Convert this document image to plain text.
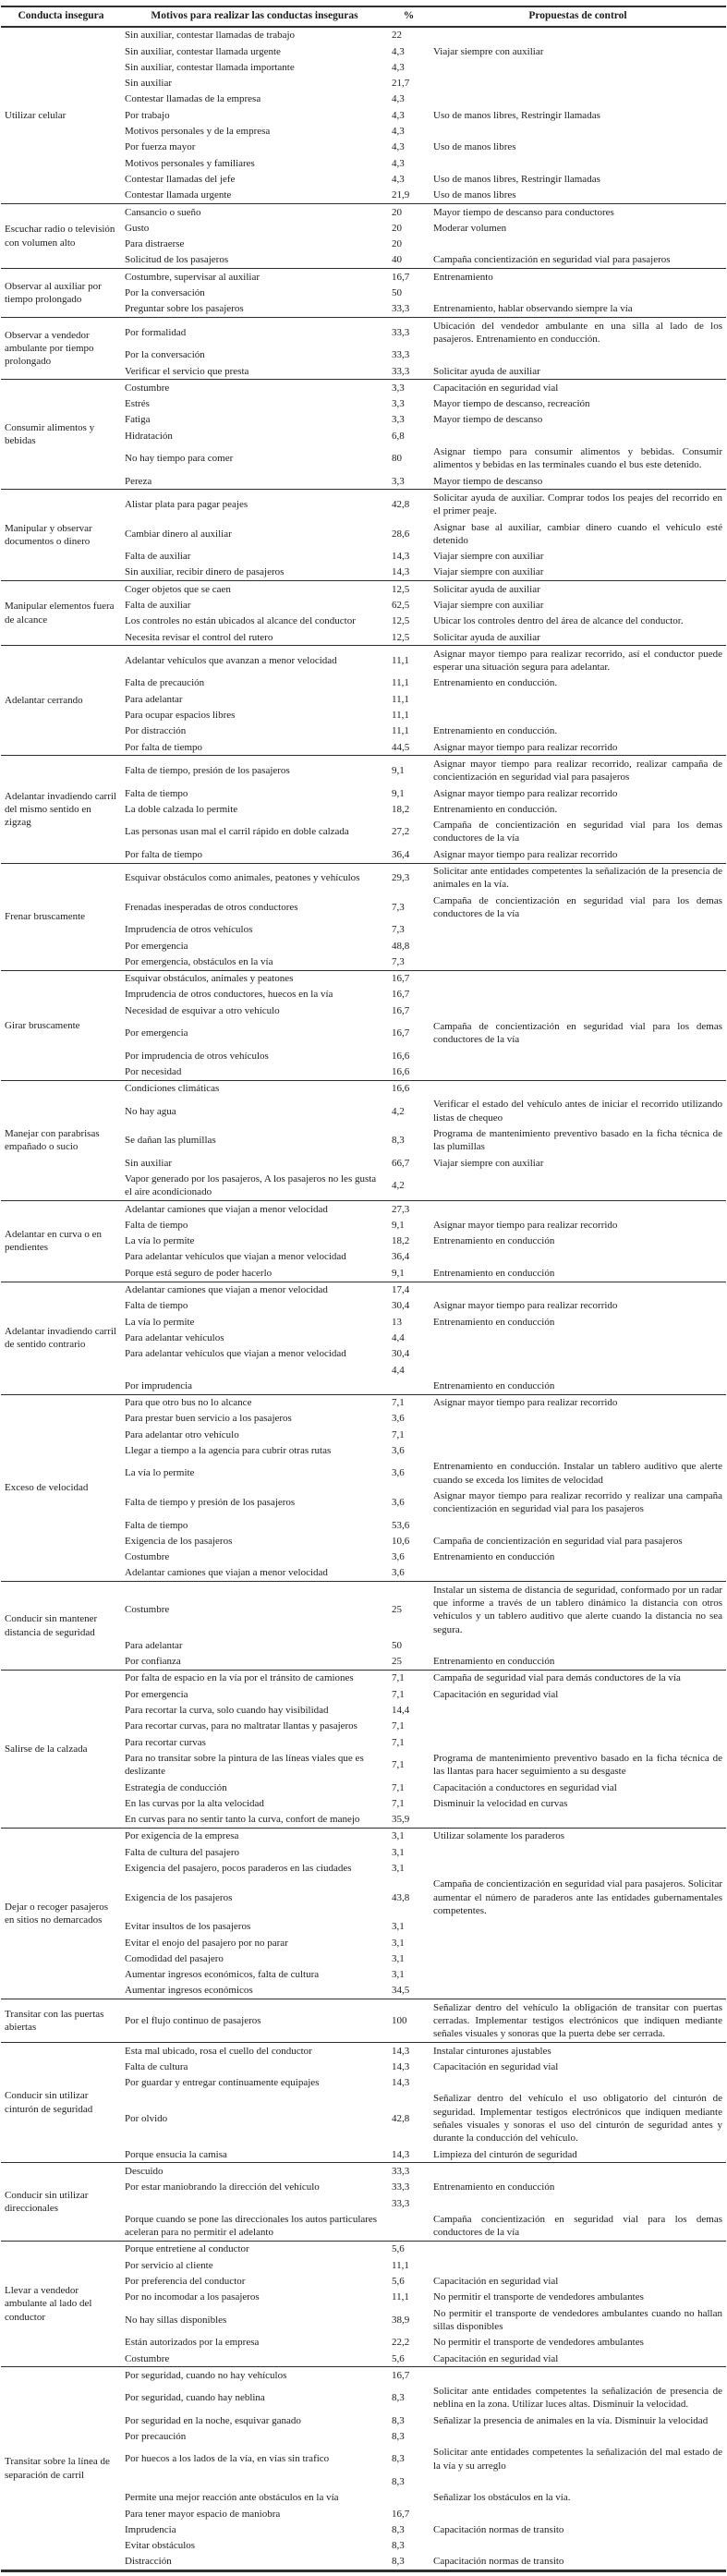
Conducta insegura	Motivos para realizar las conductas inseguras	%	Propuestas de control
Utilizar celular	Sin auxiliar, contestar llamadas de trabajo	22	
	Sin auxiliar, contestar llamada urgente	4,3	Viajar siempre con auxiliar
	Sin auxiliar, contestar llamada importante	4,3	
	Sin auxiliar	21,7	
	Contestar llamadas de la empresa	4,3	
	Por trabajo	4,3	Uso de manos libres, Restringir llamadas
	Motivos personales y de la empresa	4,3	
	Por fuerza mayor	4,3	Uso de manos libres
	Motivos personales y familiares	4,3	
	Contestar llamadas del jefe	4,3	Uso de manos libres, Restringir llamadas
	Contestar llamada urgente	21,9	Uso de manos libres
Escuchar radio o televisión con volumen alto	Cansancio o sueño	20	Mayor tiempo de descanso para conductores
	Gusto	20	Moderar volumen
	Para distraerse	20	
	Solicitud de los pasajeros	40	Campaña concientización en seguridad vial para pasajeros
Observar al auxiliar por tiempo prolongado	Costumbre, supervisar al auxiliar	16,7	Entrenamiento
	Por la conversación	50	
	Preguntar sobre los pasajeros	33,3	Entrenamiento, hablar observando siempre la vía
Observar a vendedor ambulante por tiempo prolongado	Por formalidad	33,3	Ubicación del vendedor ambulante en una silla al lado de los pasajeros. Entrenamiento en conducción.
	Por la conversación	33,3	
	Verificar el servicio que presta	33,3	Solicitar ayuda de auxiliar
Consumir alimentos y bebidas	Costumbre	3,3	Capacitación en seguridad vial
	Estrés	3,3	Mayor tiempo de descanso, recreación
	Fatiga	3,3	Mayor tiempo de descanso
	Hidratación	6,8	
	No hay tiempo para comer	80	Asignar tiempo para consumir alimentos y bebidas. Consumir alimentos y bebidas en las terminales cuando el bus este detenido.
	Pereza	3,3	Mayor tiempo de descanso
Manipular y observar documentos o dinero	Alistar plata para pagar peajes	42,8	Solicitar ayuda de auxiliar. Comprar todos los peajes del recorrido en el primer peaje.
	Cambiar dinero al auxiliar	28,6	Asignar base al auxiliar, cambiar dinero cuando el vehículo esté detenido
	Falta de auxiliar	14,3	Viajar siempre con auxiliar
	Sin auxiliar, recibir dinero de pasajeros	14,3	Viajar siempre con auxiliar
Manipular elementos fuera de alcance	Coger objetos que se caen	12,5	Solicitar ayuda de auxiliar
	Falta de auxiliar	62,5	Viajar siempre con auxiliar
	Los controles no están ubicados al alcance del conductor	12,5	Ubicar los controles dentro del área de alcance del conductor.
	Necesita revisar el control del rutero	12,5	Solicitar ayuda de auxiliar
Adelantar cerrando	Adelantar vehículos que avanzan a menor velocidad	11,1	Asignar mayor tiempo para realizar recorrido, así el conductor puede esperar una situación segura para adelantar.
	Falta de precaución	11,1	Entrenamiento en conducción.
	Para adelantar	11,1	
	Para ocupar espacios libres	11,1	
	Por distracción	11,1	Entrenamiento en conducción.
	Por falta de tiempo	44,5	Asignar mayor tiempo para realizar recorrido
Adelantar invadiendo carril del mismo sentido en zigzag	Falta de tiempo, presión de los pasajeros	9,1	Asignar mayor tiempo para realizar recorrido, realizar campaña de concientización en seguridad vial para pasajeros
	Falta de tiempo	9,1	Asignar mayor tiempo para realizar recorrido
	La doble calzada lo permite	18,2	Entrenamiento en conducción.
	Las personas usan mal el carril rápido en doble calzada	27,2	Campaña de concientización en seguridad vial para los demas conductores de la vía
	Por falta de tiempo	36,4	Asignar mayor tiempo para realizar recorrido
Frenar bruscamente	Esquivar obstáculos como animales, peatones y vehículos	29,3	Solicitar ante entidades competentes la señalización de la presencia de animales en la vía.
	Frenadas inesperadas de otros conductores	7,3	Campaña de concientización en seguridad vial para los demas conductores de la vía
	Imprudencia de otros vehículos	7,3	
	Por emergencia	48,8	
	Por emergencia, obstáculos en la vía	7,3	
Girar bruscamente	Esquivar obstáculos, animales y peatones	16,7	
	Imprudencia de otros conductores, huecos en la vía	16,7	
	Necesidad de esquivar a otro vehículo	16,7	
	Por emergencia	16,7	Campaña de concientización en seguridad vial para los demas conductores de la vía
	Por imprudencia de otros vehículos	16,6	
	Por necesidad	16,6	
Manejar con parabrisas empañado o sucio	Condiciones climáticas	16,6	
	No hay agua	4,2	Verificar el estado del vehículo antes de iniciar el recorrido utilizando listas de chequeo
	Se dañan las plumillas	8,3	Programa de mantenimiento preventivo basado en la ficha técnica de las plumillas
	Sin auxiliar	66,7	Viajar siempre con auxiliar
	Vapor generado por los pasajeros, A los pasajeros no les gusta el aire acondicionado	4,2	
Adelantar en curva o en pendientes	Adelantar camiones que viajan a menor velocidad	27,3	
	Falta de tiempo	9,1	Asignar mayor tiempo para realizar recorrido
	La vía lo permite	18,2	Entrenamiento en conducción
	Para adelantar vehículos que viajan a menor velocidad	36,4	
	Porque está seguro de poder hacerlo	9,1	Entrenamiento en conducción
Adelantar invadiendo carril de sentido contrario	Adelantar camiones que viajan a menor velocidad	17,4	
	Falta de tiempo	30,4	Asignar mayor tiempo para realizar recorrido
	La vía lo permite	13	Entrenamiento en conducción
	Para adelantar vehículos	4,4	
	Para adelantar vehículos que viajan a menor velocidad	30,4	
		4,4	
	Por imprudencia		Entrenamiento en conducción
Exceso de velocidad	Para que otro bus no lo alcance	7,1	Asignar mayor tiempo para realizar recorrido
	Para prestar buen servicio a los pasajeros	3,6	
	Para adelantar otro vehículo	7,1	
	Llegar a tiempo a la agencia para cubrir otras rutas	3,6	
	La vía lo permite	3,6	Entrenamiento en conducción. Instalar un tablero auditivo que alerte cuando se exceda los limites de velocidad
	Falta de tiempo y presión de los pasajeros	3,6	Asignar mayor tiempo para realizar recorrido y realizar una campaña concientización en seguridad vial para los pasajeros
	Falta de tiempo	53,6	
	Exigencia de los pasajeros	10,6	Campaña de concientización en seguridad vial para pasajeros
	Costumbre	3,6	Entrenamiento en conducción
	Adelantar camiones que viajan a menor velocidad	3,6	
Conducir sin mantener distancia de seguridad	Costumbre	25	Instalar un sistema de distancia de seguridad, conformado por un radar que informe a través de un tablero dinámico la distancia con otros vehículos y un tablero auditivo que alerte cuando la distancia no sea segura.
	Para adelantar	50	
	Por confianza	25	Entrenamiento en conducción
Salirse de la calzada	Por falta de espacio en la vía por el tránsito de camiones	7,1	Campaña de seguridad vial para demás conductores de la vía
	Por emergencia	7,1	Capacitación en seguridad vial
	Para recortar la curva, solo cuando hay visibilidad	14,4	
	Para recortar curvas, para no maltratar llantas y pasajeros	7,1	
	Para recortar curvas	7,1	
	Para no transitar sobre la pintura de las líneas viales que es deslizante	7,1	Programa de mantenimiento preventivo basado en la ficha técnica de las llantas para hacer seguimiento a su desgaste
	Estrategia de conducción	7,1	Capacitación a conductores en seguridad vial
	En las curvas por la alta velocidad	7,1	Disminuir la velocidad en curvas
	En curvas para no sentir tanto la curva, confort de manejo	35,9	
Dejar o recoger pasajeros en sitios no demarcados	Por exigencia de la empresa	3,1	Utilizar solamente los paraderos
	Falta de cultura del pasajero	3,1	
	Exigencia del pasajero, pocos paraderos en las ciudades	3,1	
	Exigencia de los pasajeros	43,8	Campaña de concientización en seguridad vial para pasajeros. Solicitar aumentar el número de paraderos ante las entidades gubernamentales competentes.
	Evitar insultos de los pasajeros	3,1	
	Evitar el enojo del pasajero por no parar	3,1	
	Comodidad del pasajero	3,1	
	Aumentar ingresos económicos, falta de cultura	3,1	
	Aumentar ingresos económicos	34,5	
Transitar con las puertas abiertas	Por el flujo continuo de pasajeros	100	Señalizar dentro del vehículo la obligación de transitar con puertas cerradas. Implementar testigos electrónicos que indiquen mediante señales visuales y sonoras que la puerta debe ser cerrada.
Conducir sin utilizar cinturón de seguridad	Esta mal ubicado, rosa el cuello del conductor	14,3	Instalar cinturones ajustables
	Falta de cultura	14,3	Capacitación en seguridad vial
	Por guardar y entregar continuamente equipajes	14,3	
	Por olvido	42,8	Señalizar dentro del vehículo el uso obligatorio del cinturón de seguridad. Implementar testigos electrónicos que indiquen mediante señales visuales y sonoras el uso del cinturón de seguridad antes y durante la conducción del vehículo.
	Porque ensucia la camisa	14,3	Limpieza del cinturón de seguridad
Conducir sin utilizar direccionales	Descuido	33,3	
	Por estar maniobrando la dirección del vehículo	33,3	Entrenamiento en conducción
		33,3	
	Porque cuando se pone las direccionales los autos particulares aceleran para no permitir el adelanto		Campaña concientización en seguridad vial para los demas conductores de la vía
Llevar a vendedor ambulante al lado del conductor	Porque entretiene al conductor	5,6	
	Por servicio al cliente	11,1	
	Por preferencia del conductor	5,6	Capacitación en seguridad vial
	Por no incomodar a los pasajeros	11,1	No permitir el transporte de vendedores ambulantes
	No hay sillas disponibles	38,9	No permitir el transporte de vendedores ambulantes cuando no hallan sillas disponibles
	Están autorizados por la empresa	22,2	No permitir el transporte de vendedores ambulantes
	Costumbre	5,6	Capacitación en seguridad vial
Transitar sobre la línea de separación de carril	Por seguridad, cuando no hay vehículos	16,7	
	Por seguridad, cuando hay neblina	8,3	Solicitar ante entidades competentes la señalización de presencia de neblina en la zona. Utilizar luces altas. Disminuir la velocidad.
	Por seguridad en la noche, esquivar ganado	8,3	Señalizar la presencia de animales en la vía. Disminuir la velocidad
	Por precaución	8,3	
	Por huecos a los lados de la vía, en vías sin trafico	8,3	Solicitar ante entidades competentes la señalización del mal estado de la vía y su arreglo
		8,3	
	Permite una mejor reacción ante obstáculos en la vía		Señalizar los obstáculos en la vía.
	Para tener mayor espacio de maniobra	16,7	
	Imprudencia	8,3	Capacitación normas de transito
	Evitar obstáculos	8,3	
	Distracción	8,3	Capacitación normas de transito
